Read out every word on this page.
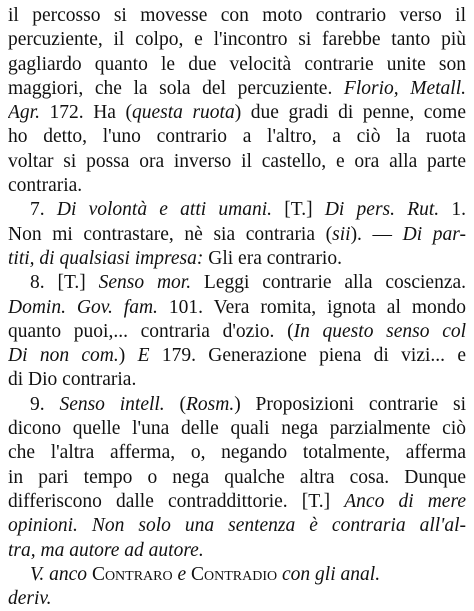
il percosso si movesse con moto contrario verso il
percuziente, il colpo, e l'incontro si farebbe tanto più
gagliardo quanto le due velocità contrarie unite son
maggiori, che la sola del percuziente. Florio, Metall.
Agr. 172. Ha (questa ruota) due gradi di penne, come
ho detto, l'uno contrario a l'altro, a ciò la ruota
voltar si possa ora inverso il castello, e ora alla parte
contraria.
7. Di volontà e atti umani. [T.] Di pers. Rut. 1.
Non mi contrastare, nè sia contraria (sii). — Di par-
titi, di qualsiasi impresa: Gli era contrario.
8. [T.] Senso mor. Leggi contrarie alla coscienza.
Domin. Gov. fam. 101. Vera romita, ignota al mondo
quanto puoi,... contraria d'ozio. (In questo senso col
Di non com.) E 179. Generazione piena di vizi... e
di Dio contraria.
9. Senso intell. (Rosm.) Proposizioni contrarie si
dicono quelle l'una delle quali nega parzialmente ciò
che l'altra afferma, o, negando totalmente, afferma
in pari tempo o nega qualche altra cosa. Dunque
differiscono dalle contraddittorie. [T.] Anco di mere
opinioni. Non solo una sentenza è contraria all'al-
tra, ma autore ad autore.
V. anco Contraro e Contradio con gli anal.
deriv.
